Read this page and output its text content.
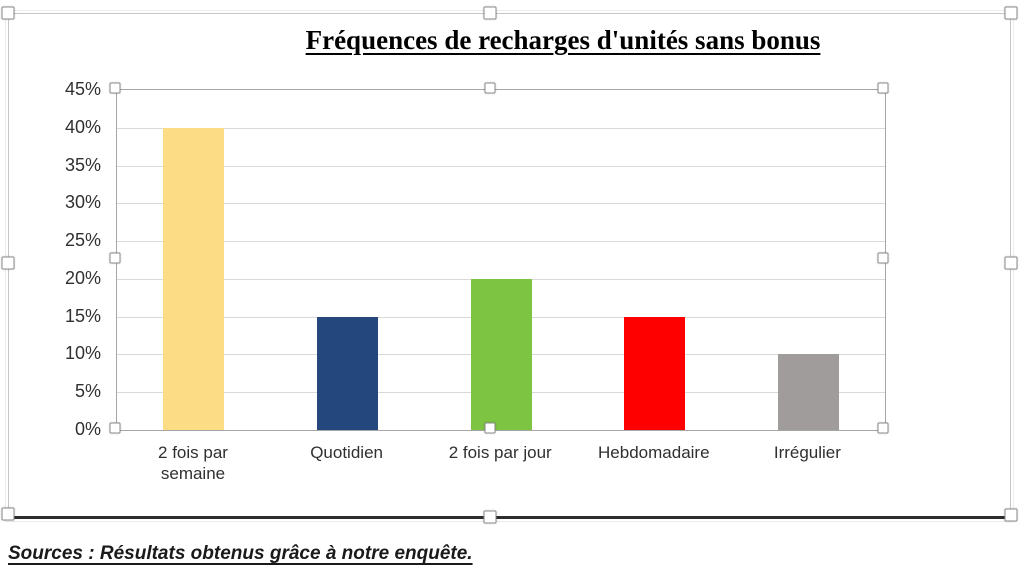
Fréquences de recharges d'unités sans bonus
0%
5%
10%
15%
20%
25%
30%
35%
40%
45%
2 fois par
semaine
Quotidien	2 fois par jour	Hebdomadaire	Irrégulier
Sources : Résultats obtenus grâce à notre enquête.
